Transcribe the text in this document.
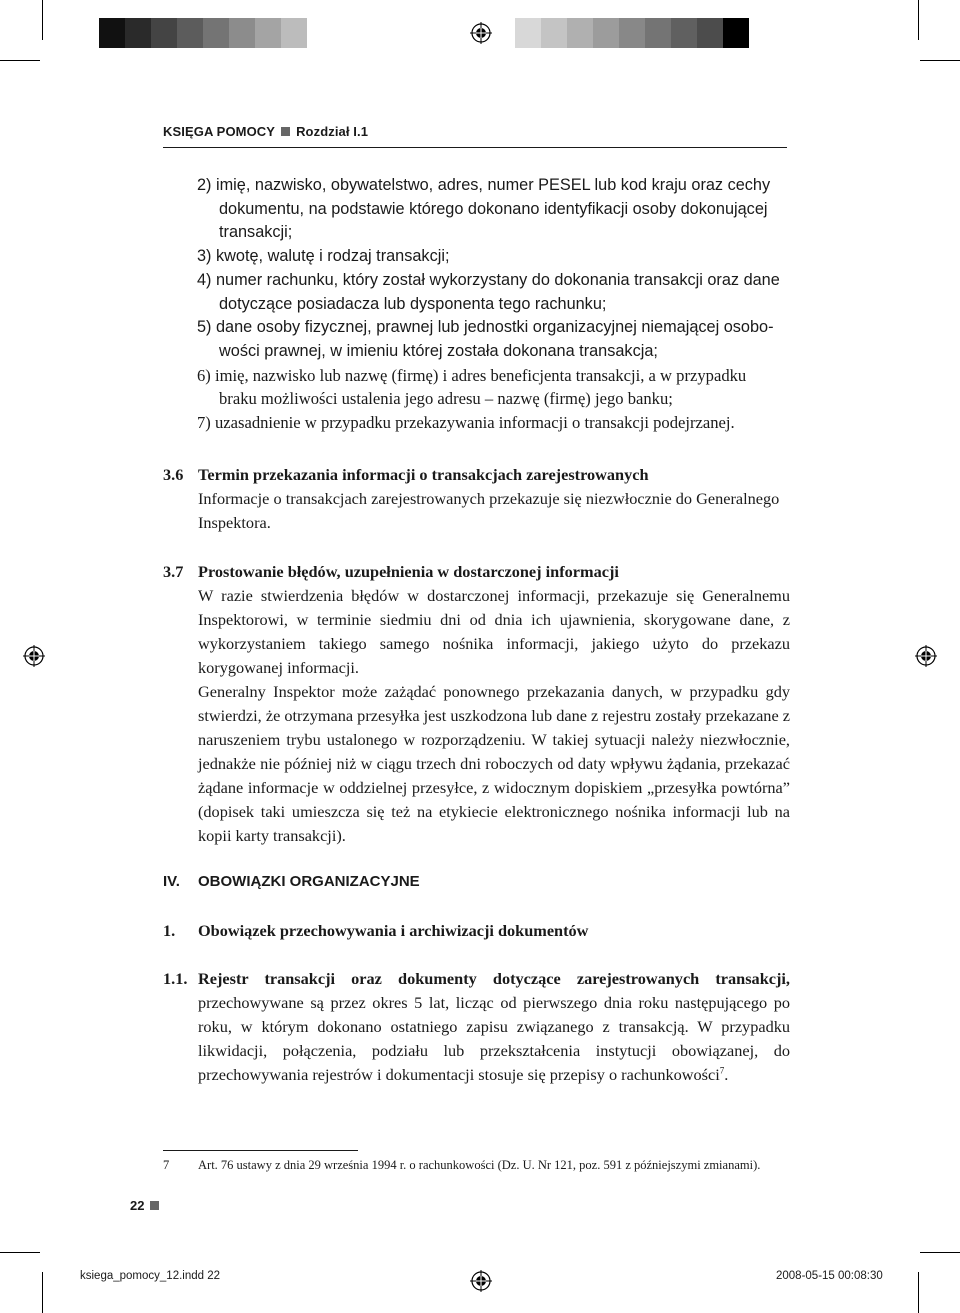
KSIĘGA POMOCY Rozdział I.1
2) imię, nazwisko, obywatelstwo, adres, numer PESEL lub kod kraju oraz cechy
dokumentu, na podstawie którego dokonano identyfikacji osoby dokonującej transakcji;
3) kwotę, walutę i rodzaj transakcji;
4) numer rachunku, który został wykorzystany do dokonania transakcji oraz dane
dotyczące posiadacza lub dysponenta tego rachunku;
5) dane osoby fizycznej, prawnej lub jednostki organizacyjnej niemającej osobo-
wości prawnej, w imieniu której została dokonana transakcja;
6) imię, nazwisko lub nazwę (firmę) i adres beneficjenta transakcji, a w przypadku
braku możliwości ustalenia jego adresu – nazwę (firmę) jego banku;
7) uzasadnienie w przypadku przekazywania informacji o transakcji podejrzanej.
3.6 Termin przekazania informacji o transakcjach zarejestrowanych
Informacje o transakcjach zarejestrowanych przekazuje się niezwłocznie do Generalnego Inspektora.
3.7 Prostowanie błędów, uzupełnienia w dostarczonej informacji
W razie stwierdzenia błędów w dostarczonej informacji, przekazuje się Generalnemu Inspektorowi, w terminie siedmiu dni od dnia ich ujawnienia, skorygowane dane, z wykorzystaniem takiego samego nośnika informacji, jakiego użyto do przekazu korygowanej informacji.
Generalny Inspektor może zażądać ponownego przekazania danych, w przypadku gdy stwierdzi, że otrzymana przesyłka jest uszkodzona lub dane z rejestru zostały przekazane z naruszeniem trybu ustalonego w rozporządzeniu. W takiej sytuacji należy niezwłocznie, jednakże nie później niż w ciągu trzech dni roboczych od daty wpływu żądania, przekazać żądane informacje w oddzielnej przesyłce, z widocznym dopiskiem „przesyłka powtórna” (dopisek taki umieszcza się też na etykiecie elektronicznego nośnika informacji lub na kopii karty transakcji).
IV. OBOWIĄZKI ORGANIZACYJNE
1. Obowiązek przechowywania i archiwizacji dokumentów
1.1. Rejestr transakcji oraz dokumenty dotyczące zarejestrowanych transakcji, przechowywane są przez okres 5 lat, licząc od pierwszego dnia roku następującego po roku, w którym dokonano ostatniego zapisu związanego z transakcją. W przypadku likwidacji, połączenia, podziału lub przekształcenia instytucji obowiązanej, do przechowywania rejestrów i dokumentacji stosuje się przepisy o rachunkowości$^7$.
7 Art. 76 ustawy z dnia 29 września 1994 r. o rachunkowości (Dz. U. Nr 121, poz. 591 z późniejszymi zmianami).
22
ksiega_pomocy_12.indd 22	2008-05-15 00:08:30
